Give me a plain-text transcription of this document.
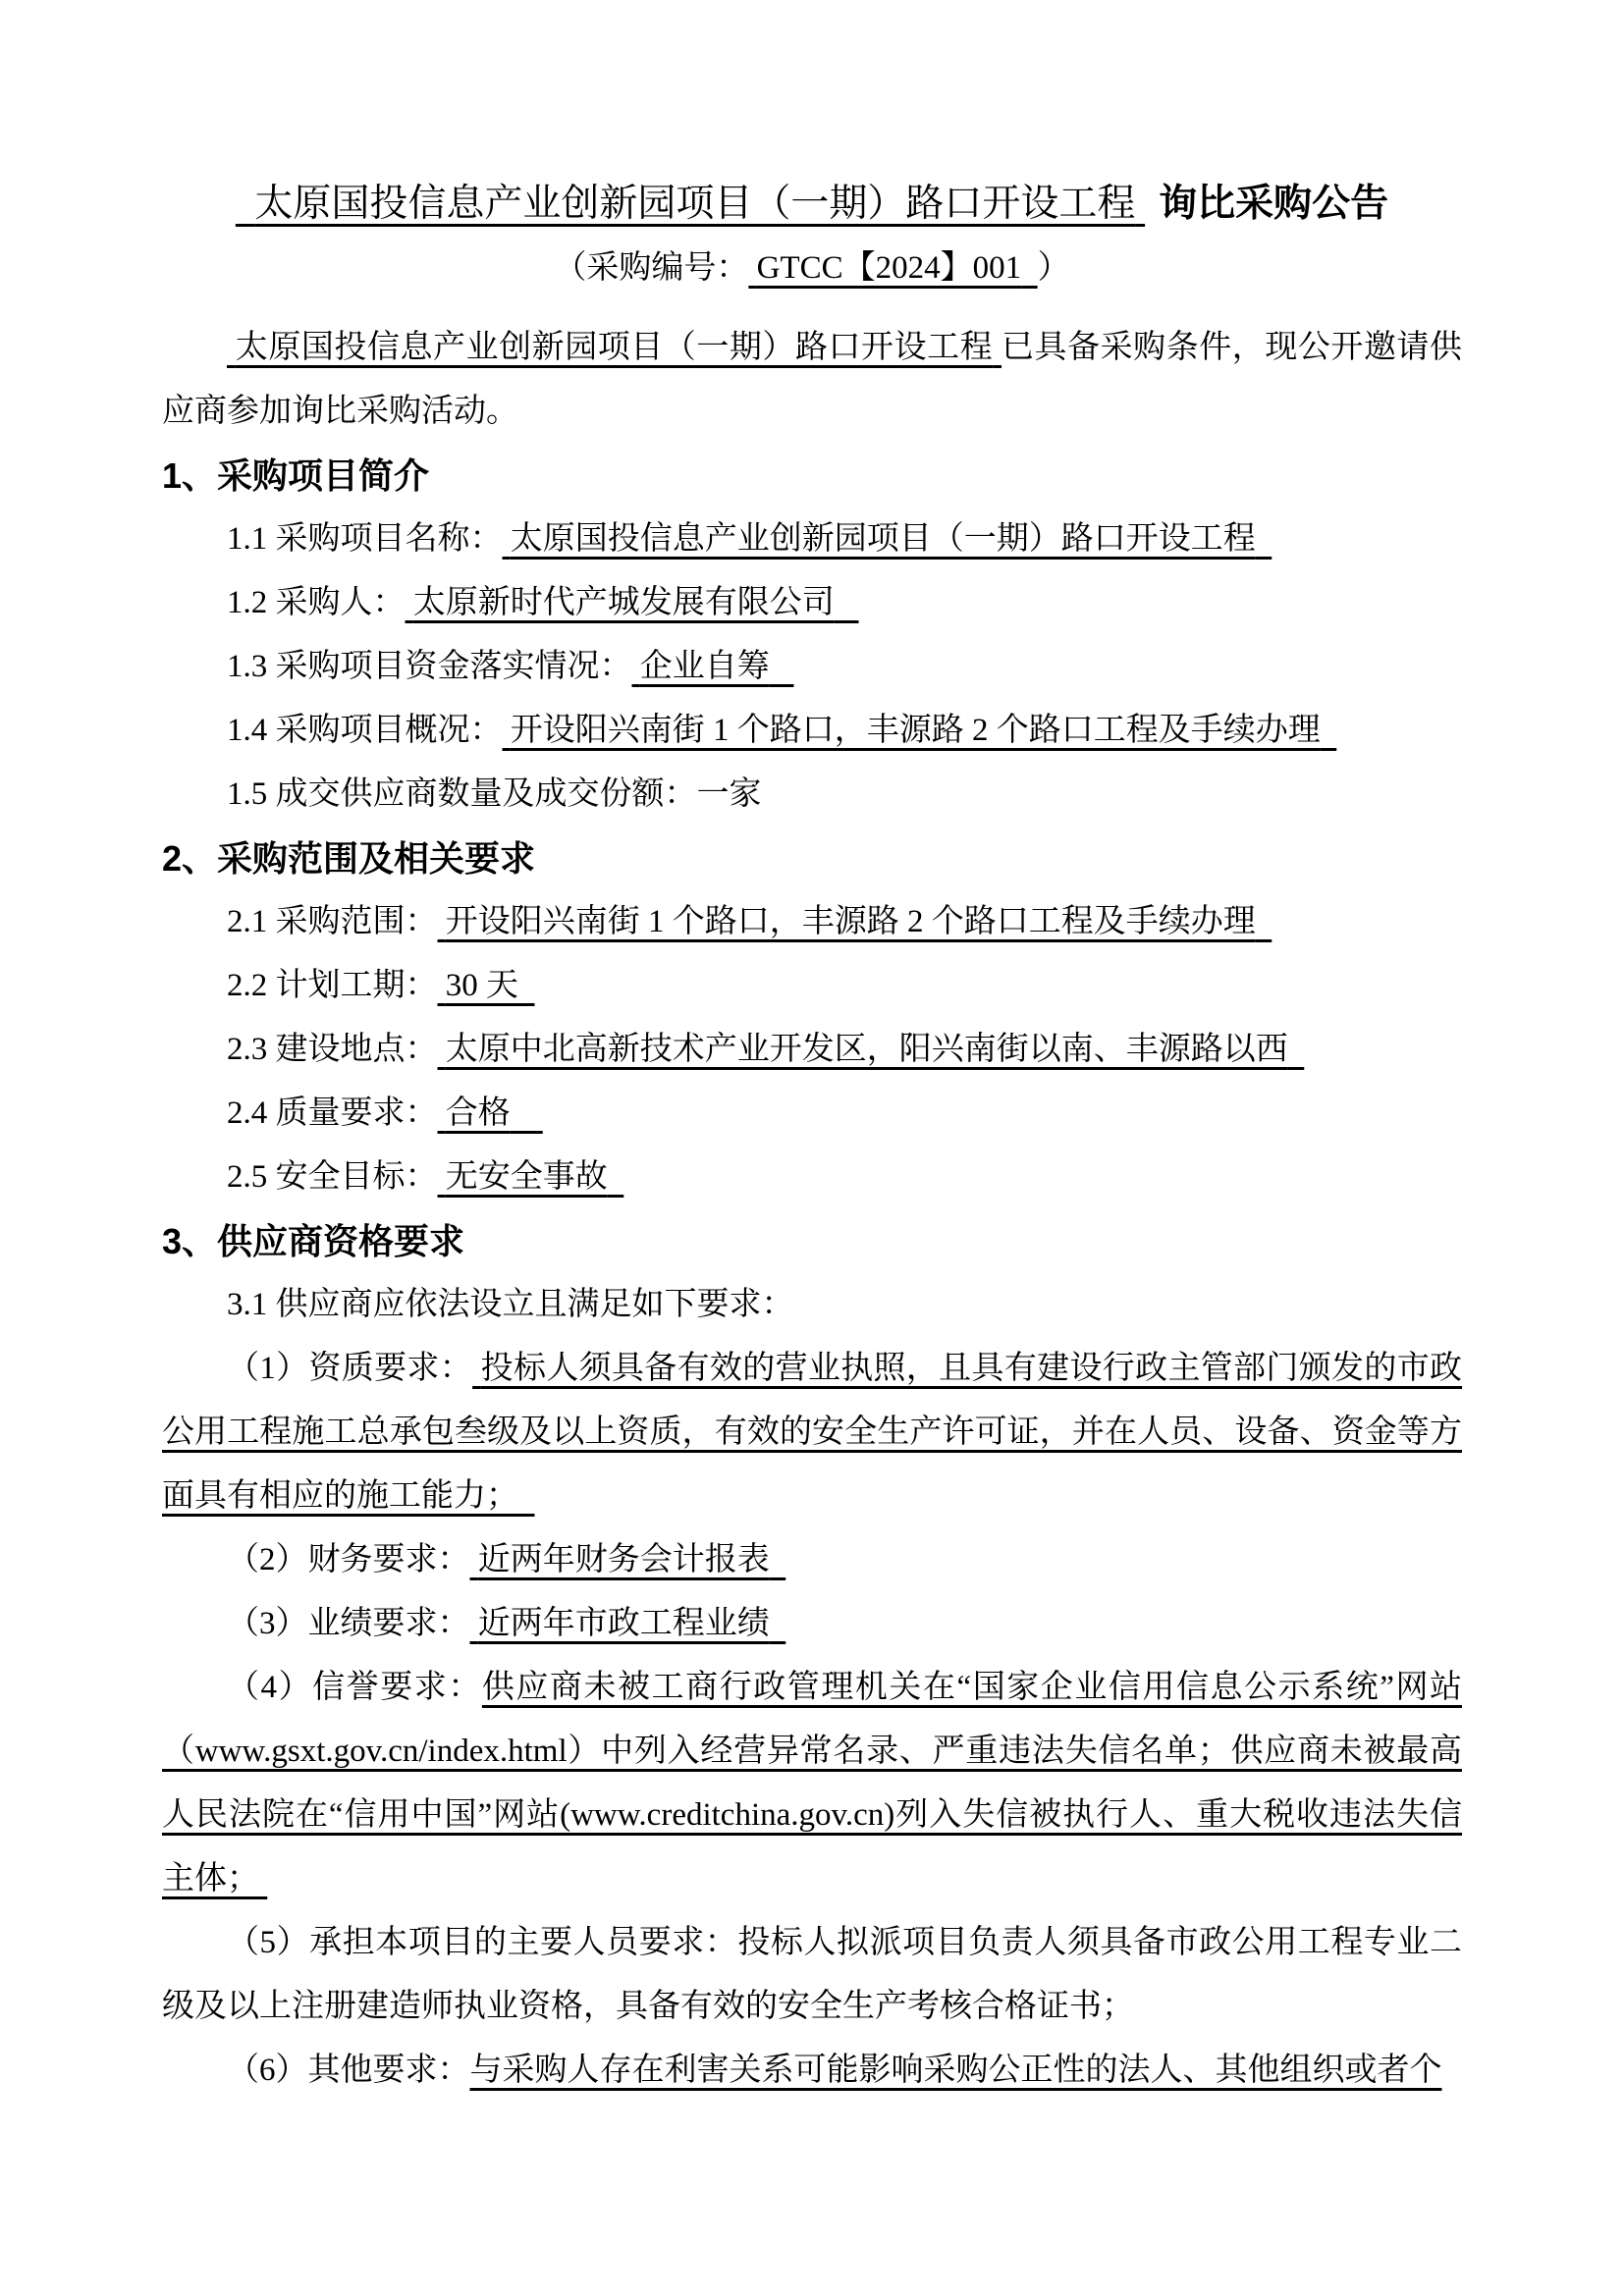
太原国投信息产业创新园项目（一期）路口开设工程 询比采购公告

（采购编号： GTCC【2024】001 ）

太原国投信息产业创新园项目（一期）路口开设工程 已具备采购条件，现公开邀请供应商参加询比采购活动。

1、采购项目简介

1.1 采购项目名称： 太原国投信息产业创新园项目（一期）路口开设工程

1.2 采购人： 太原新时代产城发展有限公司

1.3 采购项目资金落实情况： 企业自筹

1.4 采购项目概况： 开设阳兴南街 1 个路口，丰源路 2 个路口工程及手续办理

1.5 成交供应商数量及成交份额：一家

2、采购范围及相关要求

2.1 采购范围： 开设阳兴南街 1 个路口，丰源路 2 个路口工程及手续办理

2.2 计划工期： 30 天

2.3 建设地点： 太原中北高新技术产业开发区，阳兴南街以南、丰源路以西

2.4 质量要求： 合格

2.5 安全目标： 无安全事故

3、供应商资格要求

3.1 供应商应依法设立且满足如下要求：

（1）资质要求： 投标人须具备有效的营业执照，且具有建设行政主管部门颁发的市政公用工程施工总承包叁级及以上资质，有效的安全生产许可证，并在人员、设备、资金等方面具有相应的施工能力；

（2）财务要求： 近两年财务会计报表

（3）业绩要求： 近两年市政工程业绩

（4）信誉要求：供应商未被工商行政管理机关在“国家企业信用信息公示系统”网站（www.gsxt.gov.cn/index.html）中列入经营异常名录、严重违法失信名单；供应商未被最高人民法院在“信用中国”网站(www.creditchina.gov.cn)列入失信被执行人、重大税收违法失信主体；

（5）承担本项目的主要人员要求：投标人拟派项目负责人须具备市政公用工程专业二级及以上注册建造师执业资格，具备有效的安全生产考核合格证书；

（6）其他要求：与采购人存在利害关系可能影响采购公正性的法人、其他组织或者个
